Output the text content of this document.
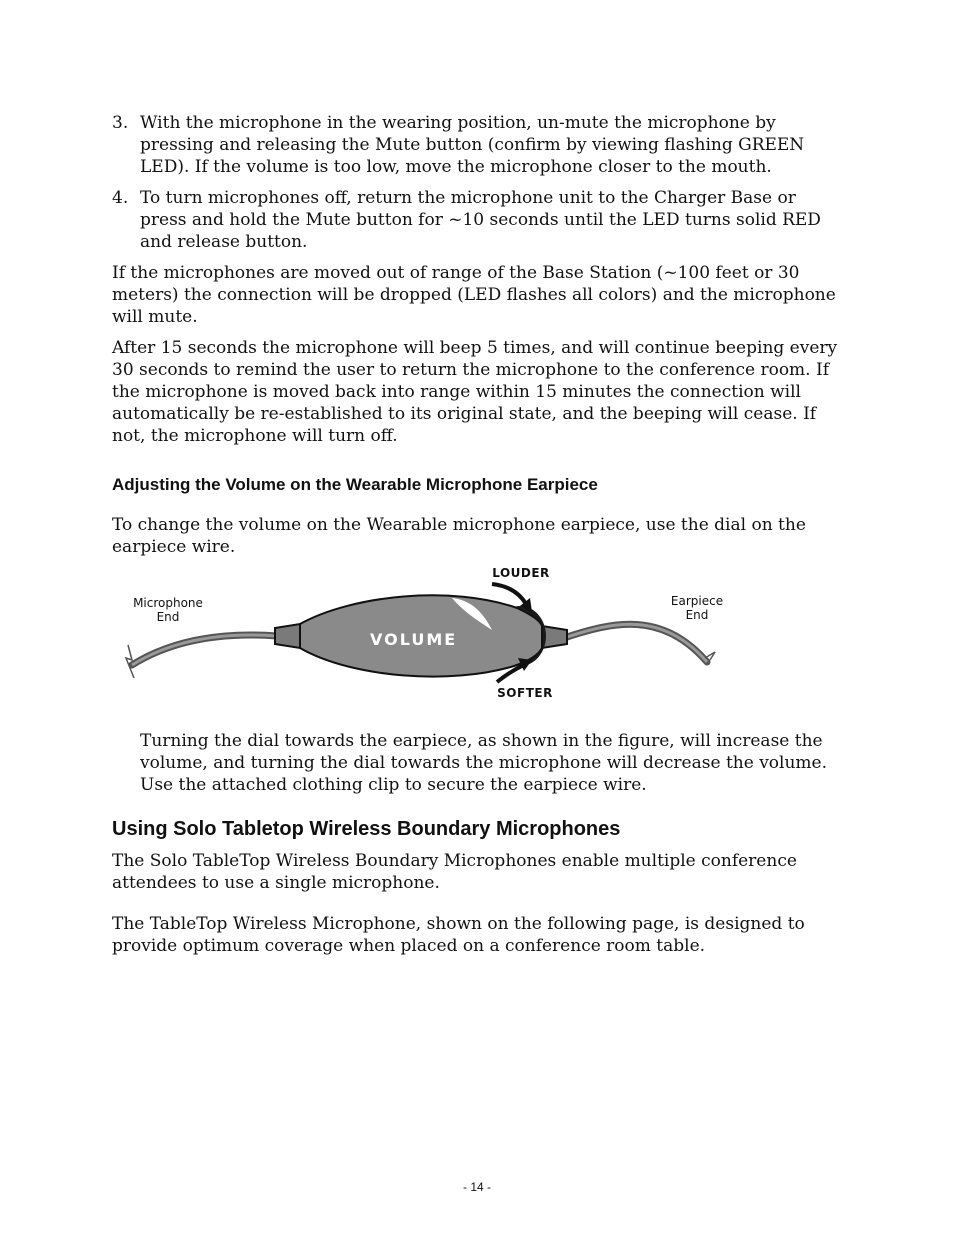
3. With the microphone in the wearing position, un-mute the microphone by pressing and releasing the Mute button (confirm by viewing flashing GREEN LED). If the volume is too low, move the microphone closer to the mouth.
4. To turn microphones off, return the microphone unit to the Charger Base or press and hold the Mute button for ~10 seconds until the LED turns solid RED and release button.

If the microphones are moved out of range of the Base Station (~100 feet or 30 meters) the connection will be dropped (LED flashes all colors) and the microphone will mute.

After 15 seconds the microphone will beep 5 times, and will continue beeping every 30 seconds to remind the user to return the microphone to the conference room. If the microphone is moved back into range within 15 minutes the connection will automatically be re-established to its original state, and the beeping will cease. If not, the microphone will turn off.

Adjusting the Volume on the Wearable Microphone Earpiece

To change the volume on the Wearable microphone earpiece, use the dial on the earpiece wire.

Microphone
End
Earpiece
End
LOUDER
SOFTER
VOLUME

Turning the dial towards the earpiece, as shown in the figure, will increase the volume, and turning the dial towards the microphone will decrease the volume. Use the attached clothing clip to secure the earpiece wire.

Using Solo Tabletop Wireless Boundary Microphones

The Solo TableTop Wireless Boundary Microphones enable multiple conference attendees to use a single microphone.

The TableTop Wireless Microphone, shown on the following page, is designed to provide optimum coverage when placed on a conference room table.

- 14 -
